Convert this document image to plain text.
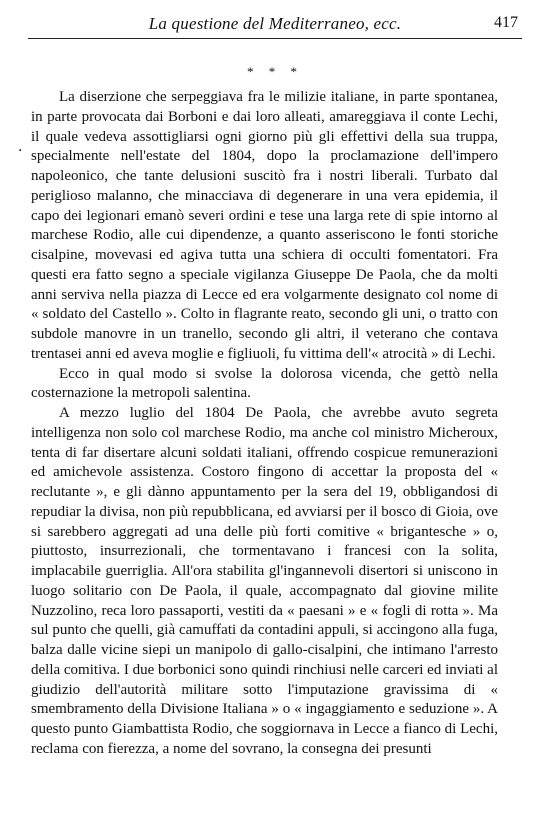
La questione del Mediterraneo, ecc.	417
* * *
.

La diserzione che serpeggiava fra le milizie italiane, in parte spontanea, in parte provocata dai Borboni e dai loro alleati, amareggiava il conte Lechi, il quale vedeva assottigliarsi ogni giorno più gli effettivi della sua truppa, specialmente nell'estate del 1804, dopo la proclamazione dell'impero napoleonico, che tante delusioni suscitò fra i nostri liberali. Turbato dal periglioso malanno, che minacciava di degenerare in una vera epidemia, il capo dei legionari emanò severi ordini e tese una larga rete di spie intorno al marchese Rodio, alle cui dipendenze, a quanto asseriscono le fonti storiche cisalpine, movevasi ed agiva tutta una schiera di occulti fomentatori. Fra questi era fatto segno a speciale vigilanza Giuseppe De Paola, che da molti anni serviva nella piazza di Lecce ed era volgarmente designato col nome di « soldato del Castello ». Colto in flagrante reato, secondo gli uni, o tratto con subdole manovre in un tranello, secondo gli altri, il veterano che contava trentasei anni ed aveva moglie e figliuoli, fu vittima dell'« atrocità » di Lechi.

Ecco in qual modo si svolse la dolorosa vicenda, che gettò nella costernazione la metropoli salentina.

A mezzo luglio del 1804 De Paola, che avrebbe avuto segreta intelligenza non solo col marchese Rodio, ma anche col ministro Micheroux, tenta di far disertare alcuni soldati italiani, offrendo cospicue remunerazioni ed amichevole assistenza. Costoro fingono di accettar la proposta del « reclutante », e gli dànno appuntamento per la sera del 19, obbligandosi di repudiar la divisa, non più repubblicana, ed avviarsi per il bosco di Gioia, ove si sarebbero aggregati ad una delle più forti comitive « brigantesche » o, piuttosto, insurrezionali, che tormentavano i francesi con la solita, implacabile guerriglia. All'ora stabilita gl'ingannevoli disertori si uniscono in luogo solitario con De Paola, il quale, accompagnato dal giovine milite Nuzzolino, reca loro passaporti, vestiti da « paesani » e « fogli di rotta ». Ma sul punto che quelli, già camuffati da contadini appuli, si accingono alla fuga, balza dalle vicine siepi un manipolo di gallo-cisalpini, che intimano l'arresto della comitiva. I due borbonici sono quindi rinchiusi nelle carceri ed inviati al giudizio dell'autorità militare sotto l'imputazione gravissima di « smembramento della Divisione Italiana » o « ingaggiamento e seduzione ». A questo punto Giambattista Rodio, che soggiornava in Lecce a fianco di Lechi, reclama con fierezza, a nome del sovrano, la consegna dei presunti
